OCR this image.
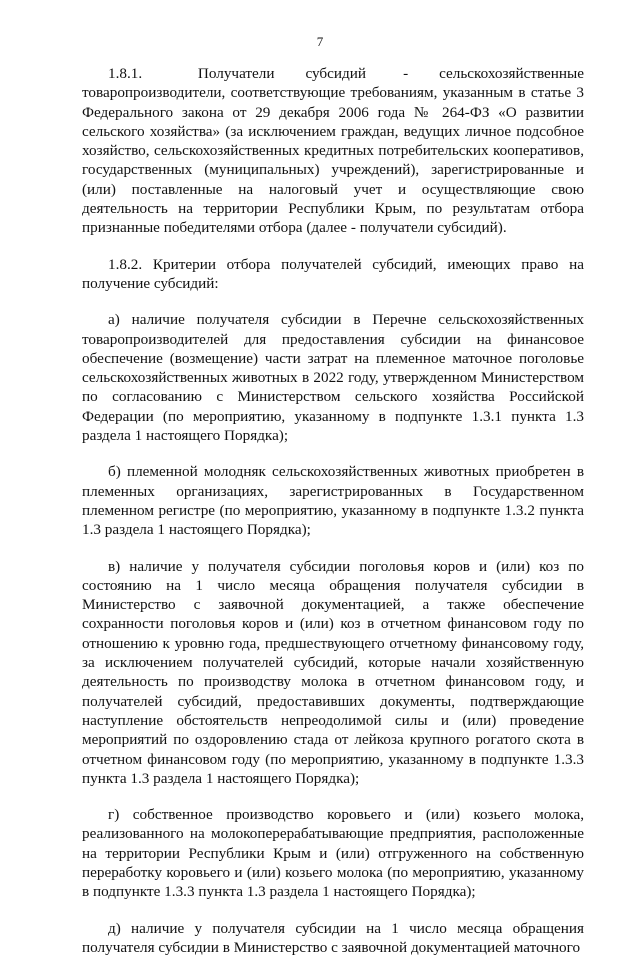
7

1.8.1.         Получатели     субсидий      -     сельскохозяйственные товаропроизводители, соответствующие требованиям, указанным в статье 3 Федерального закона от 29 декабря 2006 года № 264-ФЗ «О развитии сельского хозяйства» (за исключением граждан, ведущих личное подсобное хозяйство, сельскохозяйственных кредитных потребительских кооперативов, государственных (муниципальных) учреждений), зарегистрированные и (или) поставленные на налоговый учет и осуществляющие свою деятельность на территории Республики Крым, по результатам отбора признанные победителями отбора (далее - получатели субсидий).

1.8.2. Критерии отбора получателей субсидий, имеющих право на получение субсидий:

а) наличие получателя субсидии в Перечне сельскохозяйственных товаропроизводителей для предоставления субсидии на финансовое обеспечение (возмещение) части затрат на племенное маточное поголовье сельскохозяйственных животных в 2022 году, утвержденном Министерством по согласованию с Министерством сельского хозяйства Российской Федерации (по мероприятию, указанному в подпункте 1.3.1 пункта 1.3 раздела 1 настоящего Порядка);

б) племенной молодняк сельскохозяйственных животных приобретен в племенных организациях, зарегистрированных в Государственном племенном регистре (по мероприятию, указанному в подпункте 1.3.2 пункта 1.3 раздела 1 настоящего Порядка);

в) наличие у получателя субсидии поголовья коров и (или) коз по состоянию на 1 число месяца обращения получателя субсидии в Министерство с заявочной документацией, а также обеспечение сохранности поголовья коров и (или) коз в отчетном финансовом году по отношению к уровню года, предшествующего отчетному финансовому году, за исключением получателей субсидий, которые начали хозяйственную деятельность по производству молока в отчетном финансовом году, и получателей субсидий, предоставивших документы, подтверждающие наступление обстоятельств непреодолимой силы и (или) проведение мероприятий по оздоровлению стада от лейкоза крупного рогатого скота в отчетном финансовом году (по мероприятию, указанному в подпункте 1.3.3 пункта 1.3 раздела 1 настоящего Порядка);

г) собственное производство коровьего и (или) козьего молока, реализованного на молокоперерабатывающие предприятия, расположенные на территории Республики Крым и (или) отгруженного на собственную переработку коровьего и (или) козьего молока (по мероприятию, указанному в подпункте 1.3.3 пункта 1.3 раздела 1 настоящего Порядка);

д) наличие у получателя субсидии на 1 число месяца обращения получателя субсидии в Министерство с заявочной документацией маточного
